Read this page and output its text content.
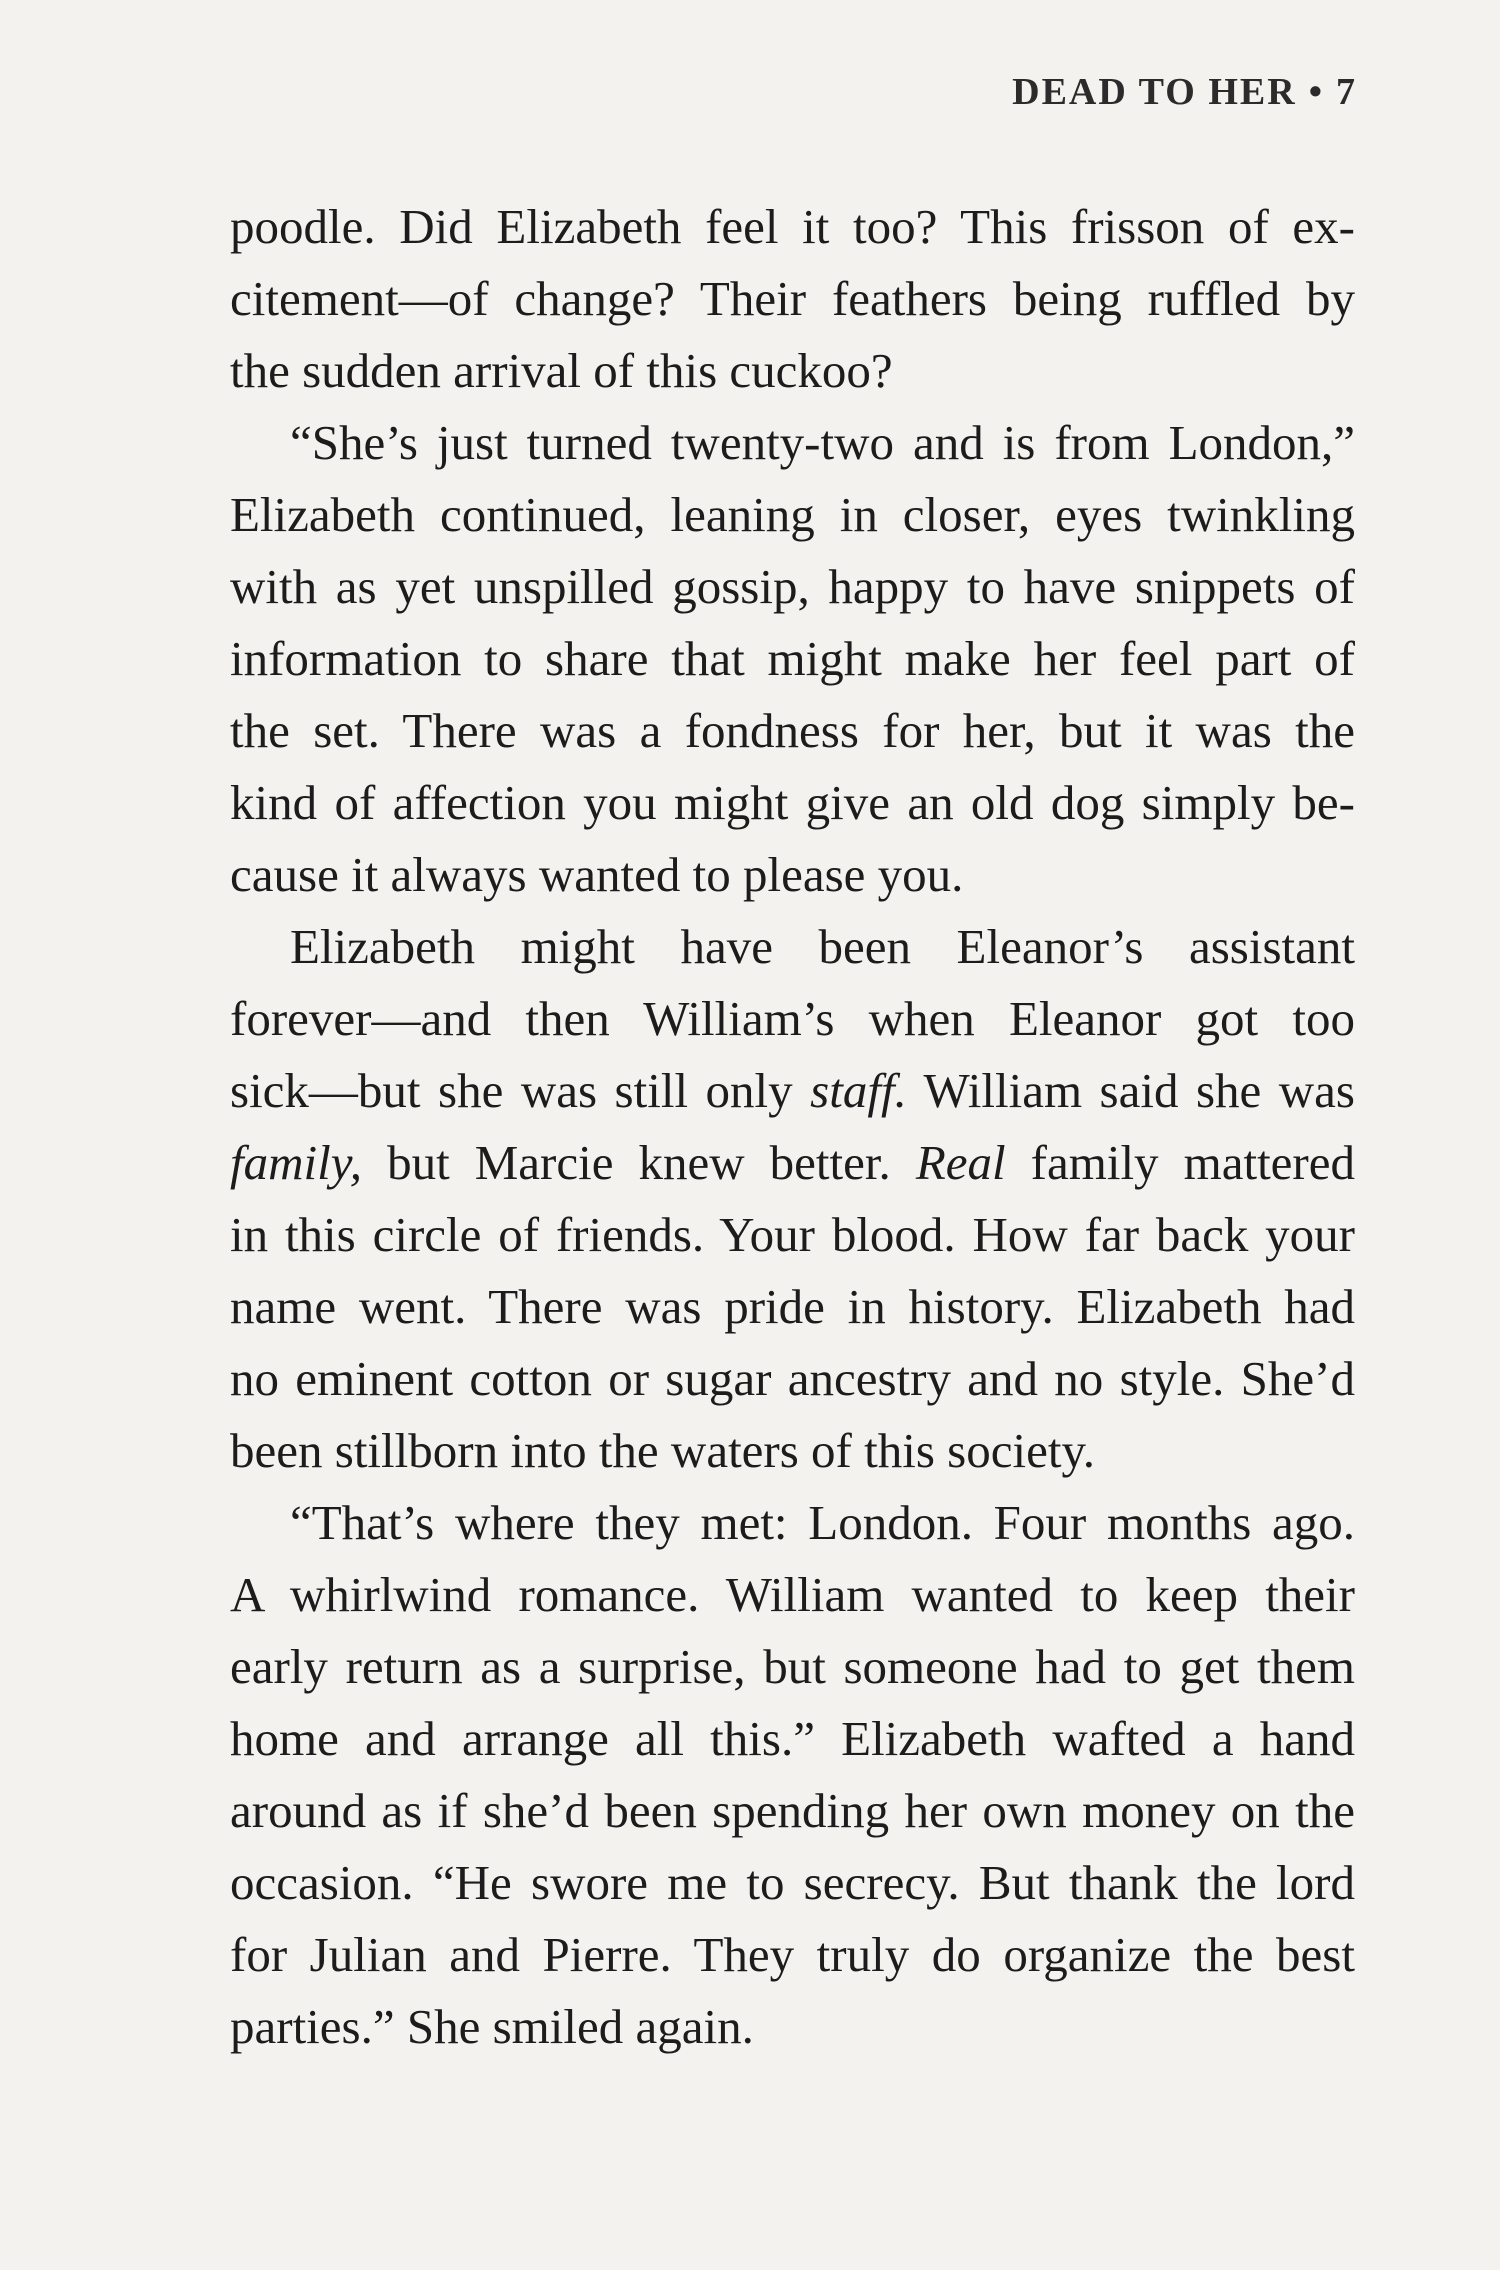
DEAD TO HER • 7
poodle. Did Elizabeth feel it too? This frisson of ex-
citement—of change? Their feathers being ruffled by
the sudden arrival of this cuckoo?
“She’s just turned twenty-two and is from London,”
Elizabeth continued, leaning in closer, eyes twinkling
with as yet unspilled gossip, happy to have snippets of
information to share that might make her feel part of
the set. There was a fondness for her, but it was the
kind of affection you might give an old dog simply be-
cause it always wanted to please you.
Elizabeth might have been Eleanor’s assistant
forever—and then William’s when Eleanor got too
sick—but she was still only staff. William said she was
family, but Marcie knew better. Real family mattered
in this circle of friends. Your blood. How far back your
name went. There was pride in history. Elizabeth had
no eminent cotton or sugar ancestry and no style. She’d
been stillborn into the waters of this society.
“That’s where they met: London. Four months ago.
A whirlwind romance. William wanted to keep their
early return as a surprise, but someone had to get them
home and arrange all this.” Elizabeth wafted a hand
around as if she’d been spending her own money on the
occasion. “He swore me to secrecy. But thank the lord
for Julian and Pierre. They truly do organize the best
parties.” She smiled again.
